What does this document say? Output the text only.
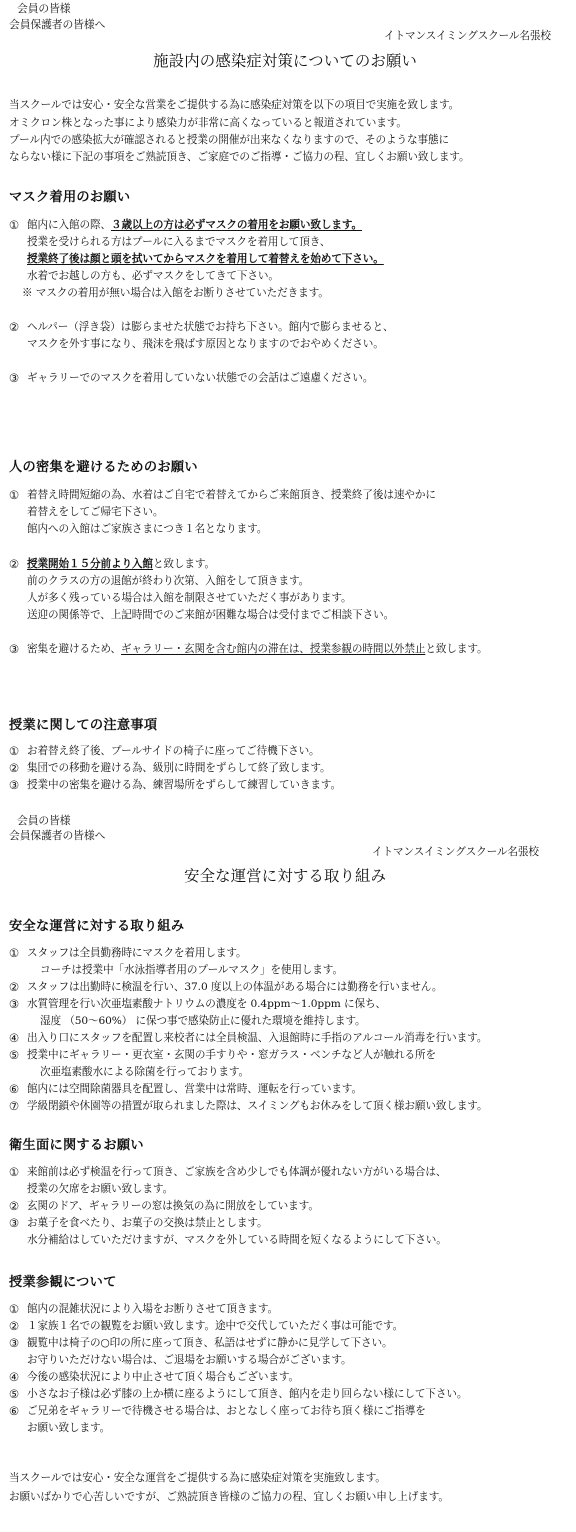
会員の皆様
会員保護者の皆様へ
イトマンスイミングスクール名張校
施設内の感染症対策についてのお願い
当スクールでは安心・安全な営業をご提供する為に感染症対策を以下の項目で実施を致します。
オミクロン株となった事により感染力が非常に高くなっていると報道されています。
プール内での感染拡大が確認されると授業の開催が出来なくなりますので、そのような事態に
ならない様に下記の事項をご熟読頂き、ご家庭でのご指導・ご協力の程、宜しくお願い致します。
マスク着用のお願い
① 館内に入館の際、３歳以上の方は必ずマスクの着用をお願い致します。
授業を受けられる方はプールに入るまでマスクを着用して頂き、
授業終了後は顔と頭を拭いてからマスクを着用して着替えを始めて下さい。
水着でお越しの方も、必ずマスクをしてきて下さい。
※ マスクの着用が無い場合は入館をお断りさせていただきます。
② ヘルパー（浮き袋）は膨らませた状態でお持ち下さい。館内で膨らませると、
マスクを外す事になり、飛沫を飛ばす原因となりますのでおやめください。
③ ギャラリーでのマスクを着用していない状態での会話はご遠慮ください。
人の密集を避けるためのお願い
① 着替え時間短縮の為、水着はご自宅で着替えてからご来館頂き、授業終了後は速やかに
着替えをしてご帰宅下さい。
館内への入館はご家族さまにつき１名となります。
② 授業開始１５分前より入館と致します。
前のクラスの方の退館が終わり次第、入館をして頂きます。
人が多く残っている場合は入館を制限させていただく事があります。
送迎の関係等で、上記時間でのご来館が困難な場合は受付までご相談下さい。
③ 密集を避けるため、ギャラリー・玄関を含む館内の滞在は、授業参観の時間以外禁止と致します。
授業に関しての注意事項
① お着替え終了後、プールサイドの椅子に座ってご待機下さい。
② 集団での移動を避ける為、級別に時間をずらして終了致します。
③ 授業中の密集を避ける為、練習場所をずらして練習していきます。
会員の皆様
会員保護者の皆様へ
イトマンスイミングスクール名張校
安全な運営に対する取り組み
安全な運営に対する取り組み
① スタッフは全員勤務時にマスクを着用します。
コーチは授業中「水泳指導者用のプールマスク」を使用します。
② スタッフは出勤時に検温を行い、37.0 度以上の体温がある場合には勤務を行いません。
③ 水質管理を行い次亜塩素酸ナトリウムの濃度を 0.4ppm～1.0ppm に保ち、
湿度 （50～60%） に保つ事で感染防止に優れた環境を維持します。
④ 出入り口にスタッフを配置し来校者には全員検温、入退館時に手指のアルコール消毒を行います。
⑤ 授業中にギャラリー・更衣室・玄関の手すりや・窓ガラス・ベンチなど人が触れる所を
次亜塩素酸水による除菌を行っております。
⑥ 館内には空間除菌器具を配置し、営業中は常時、運転を行っています。
⑦ 学級閉鎖や休園等の措置が取られました際は、スイミングもお休みをして頂く様お願い致します。
衛生面に関するお願い
① 来館前は必ず検温を行って頂き、ご家族を含め少しでも体調が優れない方がいる場合は、
授業の欠席をお願い致します。
② 玄関のドア、ギャラリーの窓は換気の為に開放をしています。
③ お菓子を食べたり、お菓子の交換は禁止とします。
水分補給はしていただけますが、マスクを外している時間を短くなるようにして下さい。
授業参観について
① 館内の混雑状況により入場をお断りさせて頂きます。
② １家族１名での観覧をお願い致します。途中で交代していただく事は可能です。
③ 観覧中は椅子の○印の所に座って頂き、私語はせずに静かに見学して下さい。
お守りいただけない場合は、ご退場をお願いする場合がございます。
④ 今後の感染状況により中止させて頂く場合もございます。
⑤ 小さなお子様は必ず膝の上か横に座るようにして頂き、館内を走り回らない様にして下さい。
⑥ ご兄弟をギャラリーで待機させる場合は、おとなしく座ってお待ち頂く様にご指導を
お願い致します。
当スクールでは安心・安全な運営をご提供する為に感染症対策を実施致します。
お願いばかりで心苦しいですが、ご熟読頂き皆様のご協力の程、宜しくお願い申し上げます。
